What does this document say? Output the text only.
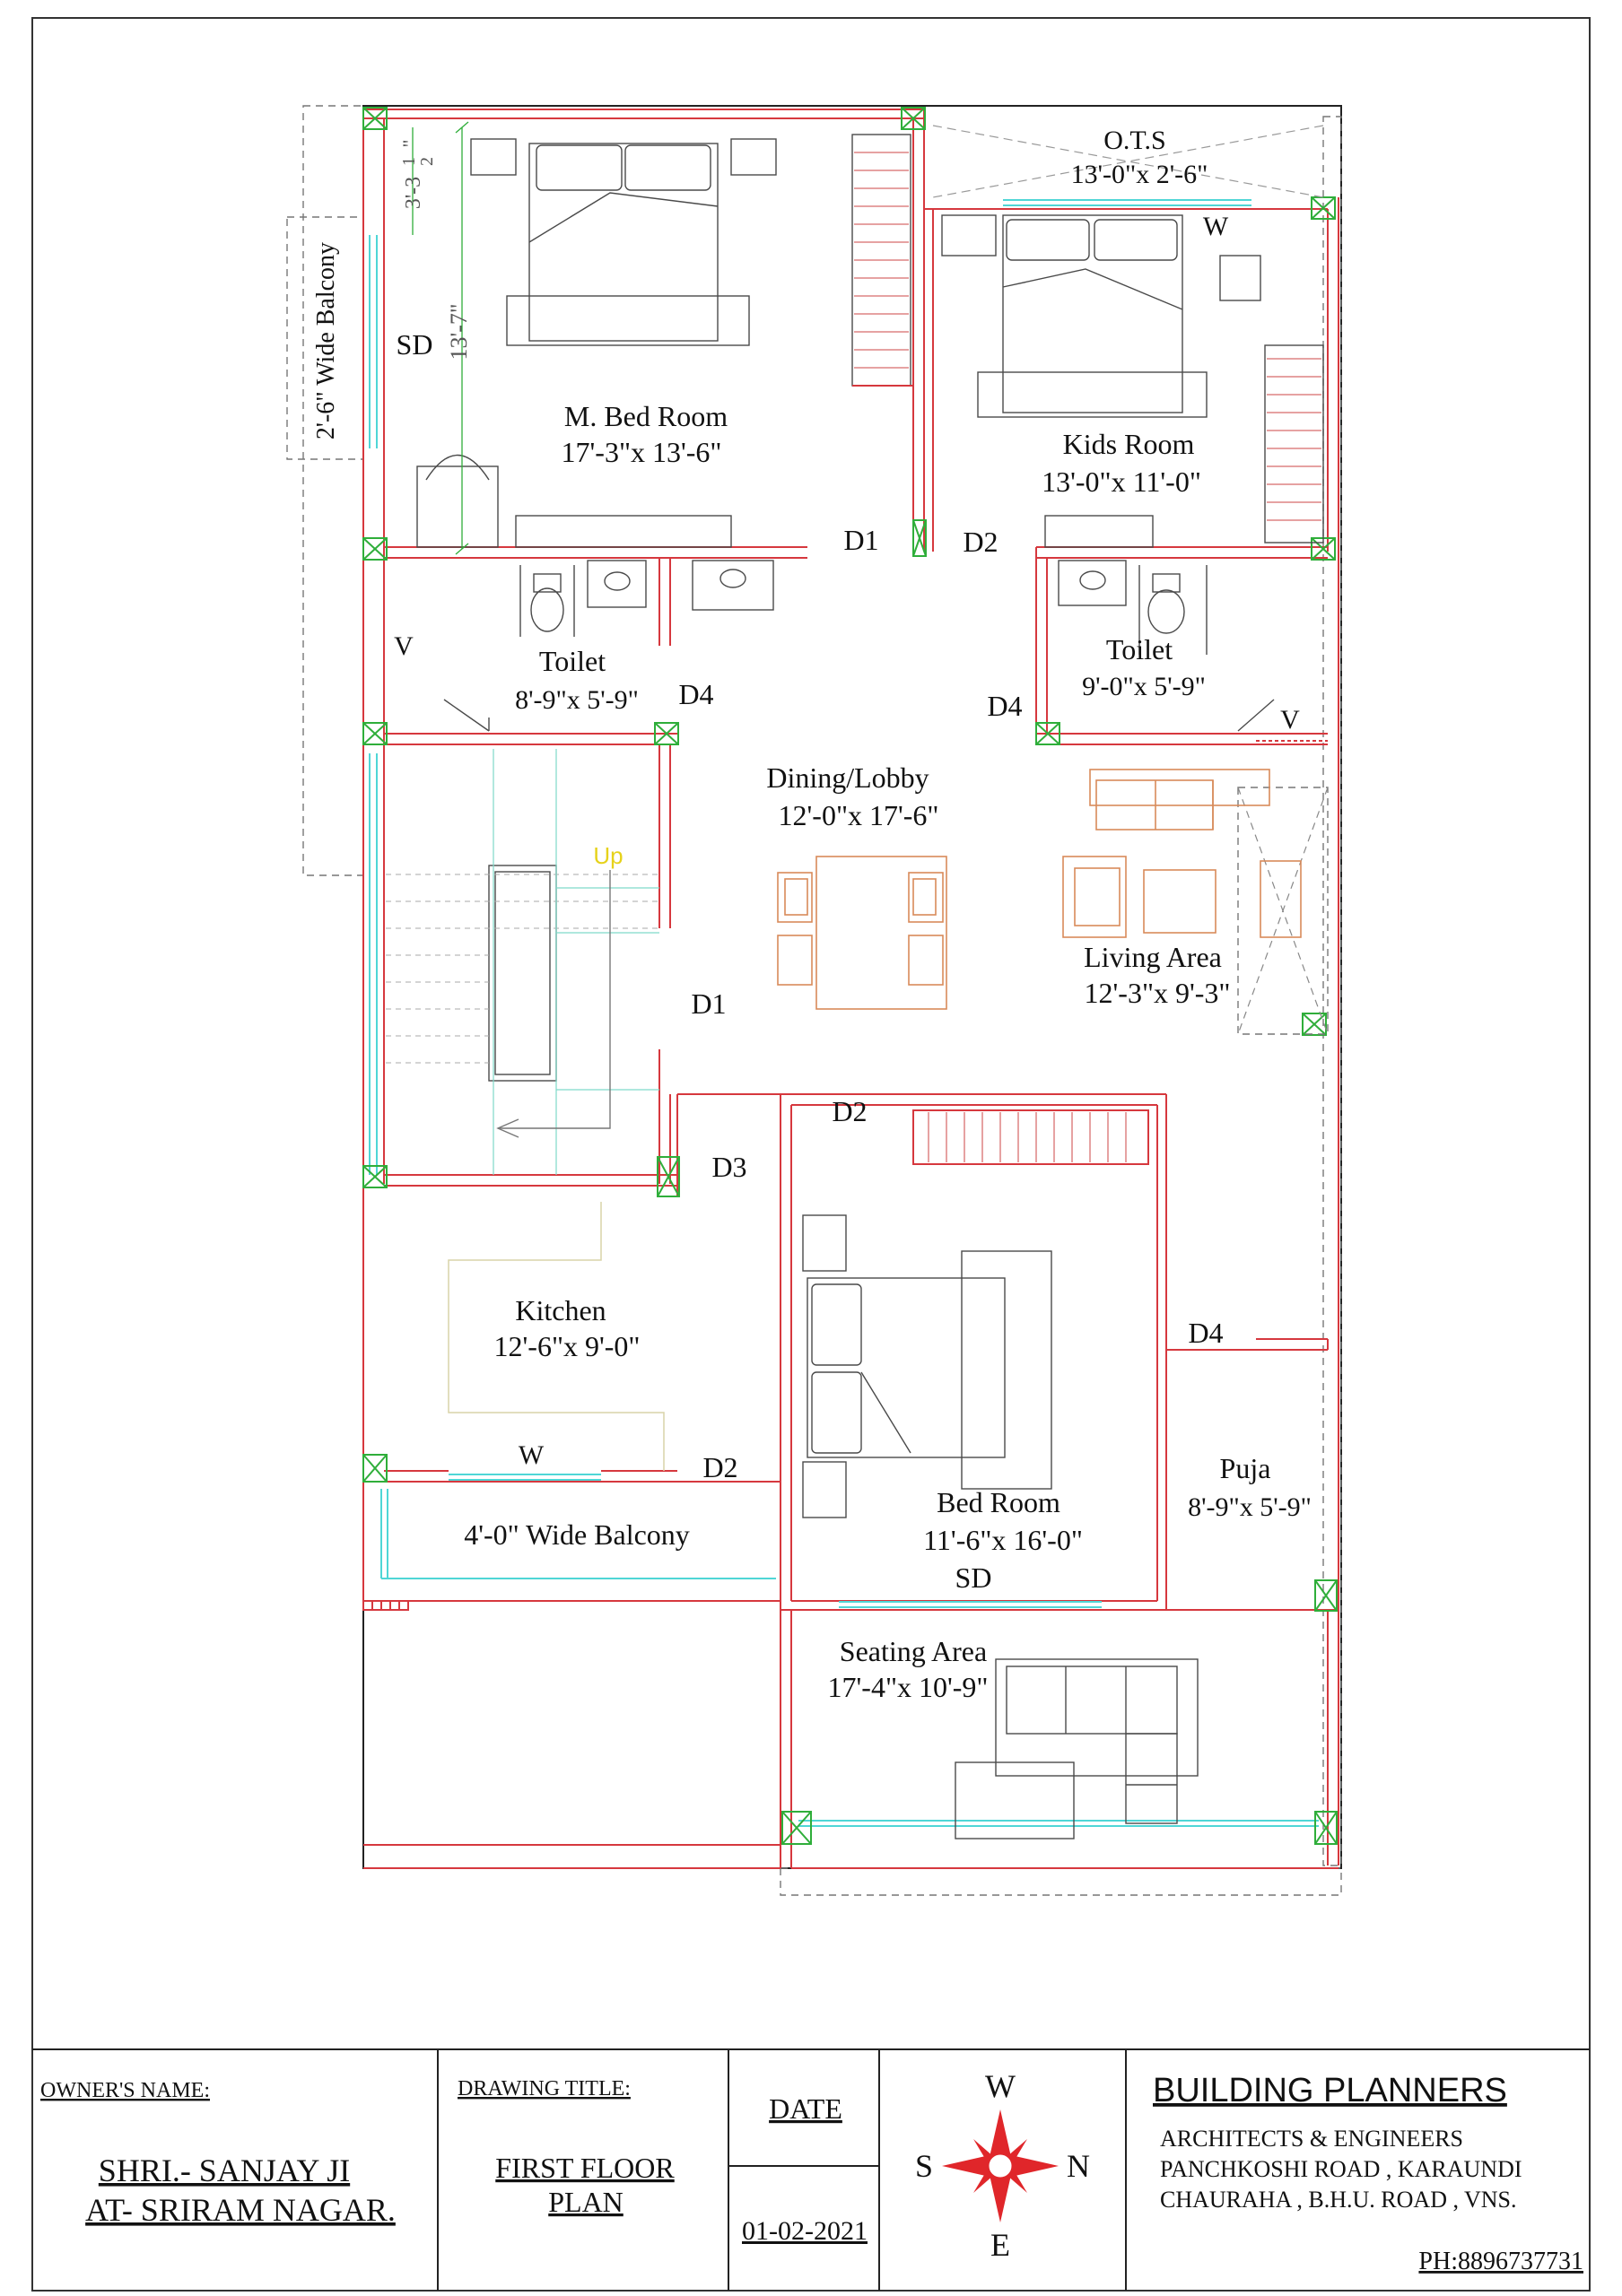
O.T.S
13'-0"x 2'-6"
M. Bed Room
17'-3"x 13'-6"	Kids Room
13'-0"x 11'-0"
Toilet
8'-9"x 5'-9"
Toilet
9'-0"x 5'-9"
Dining/Lobby
12'-0"x 17'-6"
Living Area
12'-3"x 9'-3"
Kitchen
12'-6"x 9'-0"
Bed Room
11'-6"x 16'-0"
Puja
8'-9"x 5'-9"
Seating Area
17'-4"x 10'-9"
4'-0" Wide Balcony
2'-6" Wide Balcony SD
D1	D2
W
V
D4	D4	V
Up
D1
D2
D3
D4
W	D2
SD
13'-7"
3'-3
1
2
"
OWNER'S NAME:
SHRI.- SANJAY JI
AT- SRIRAM NAGAR.
DRAWING TITLE:
FIRST FLOOR
PLAN
DATE
01-02-2021
W
S	N
E
BUILDING PLANNERS
ARCHITECTS & ENGINEERS
PANCHKOSHI ROAD , KARAUNDI
CHAURAHA , B.H.U. ROAD , VNS.
PH:8896737731
